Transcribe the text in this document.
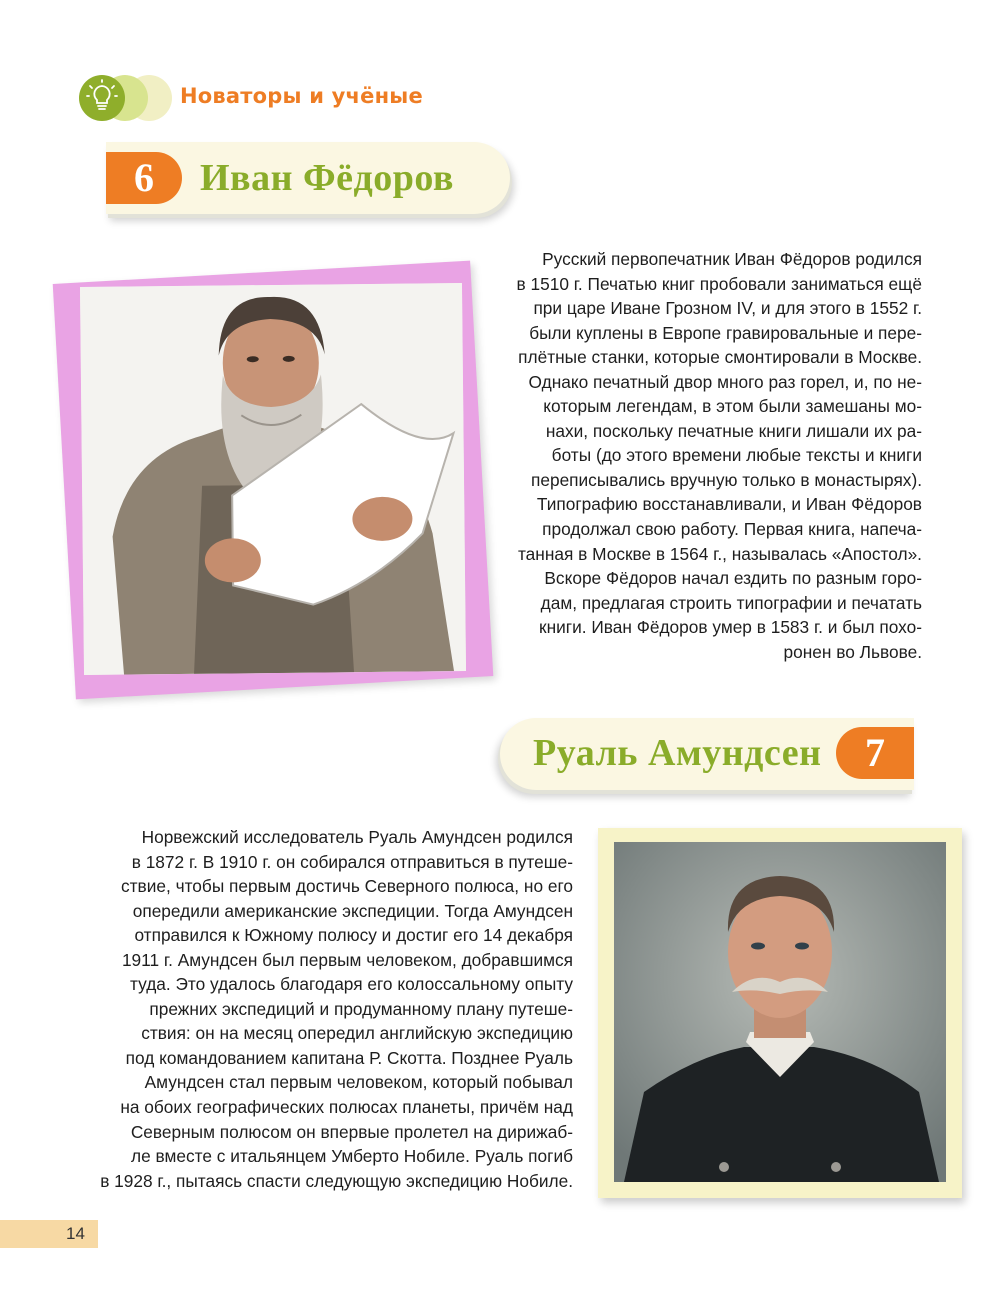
Новаторы и учёные
6	Иван Фёдоров
Русский первопечатник Иван Фёдоров родился
в 1510 г. Печатью книг пробовали заниматься ещё
при царе Иване Грозном IV, и для этого в 1552 г.
были куплены в Европе гравировальные и пере-
плётные станки, которые смонтировали в Москве.
Однако печатный двор много раз горел, и, по не-
которым легендам, в этом были замешаны мо-
нахи, поскольку печатные книги лишали их ра-
боты (до этого времени любые тексты и книги
переписывались вручную только в монастырях).
Типографию восстанавливали, и Иван Фёдоров
продолжал свою работу. Первая книга, напеча-
танная в Москве в 1564 г., называлась «Апостол».
Вскоре Фёдоров начал ездить по разным горо-
дам, предлагая строить типографии и печатать
книги. Иван Фёдоров умер в 1583 г. и был похо-
ронен во Львове.
7
Руаль Амундсен
Норвежский исследователь Руаль Амундсен родился
в 1872 г. В 1910 г. он собирался отправиться в путеше-
ствие, чтобы первым достичь Северного полюса, но его
опередили американские экспедиции. Тогда Амундсен
отправился к Южному полюсу и достиг его 14 декабря
1911 г. Амундсен был первым человеком, добравшимся
туда. Это удалось благодаря его колоссальному опыту
прежних экспедиций и продуманному плану путеше-
ствия: он на месяц опередил английскую экспедицию
под командованием капитана Р. Скотта. Позднее Руаль
Амундсен стал первым человеком, который побывал
на обоих географических полюсах планеты, причём над
Северным полюсом он впервые пролетел на дирижаб-
ле вместе с итальянцем Умберто Нобиле. Руаль погиб
в 1928 г., пытаясь спасти следующую экспедицию Нобиле.
14
